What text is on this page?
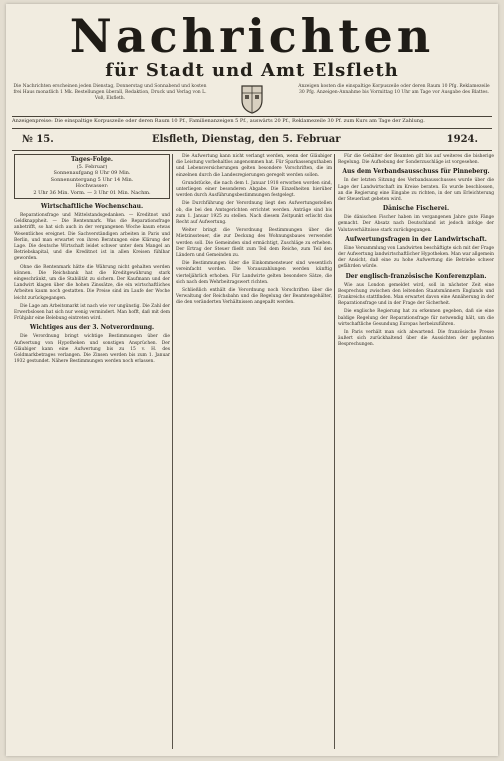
Nachrichten
für Stadt und Amt Elsfleth
Die Nachrichten erscheinen jeden Dienstag, Donnerstag und Sonnabend und kosten frei Haus monatlich 1 Mk. Bestellungen überall, Redaktion, Druck und Verlag von L. Voß, Elsfleth.
Anzeigen kosten die einspaltige Korpuszeile oder deren Raum 10 Pfg. Reklamezeile 30 Pfg. Anzeigen-Annahme bis Vormittag 10 Uhr am Tage vor Ausgabe des Blattes.
Anzeigenpreise: Die einspaltige Korpuszeile oder deren Raum 10 Pf., Familienanzeigen 5 Pf., auswärts 20 Pf., Reklamezeile 30 Pf. zum Kurs am Tage der Zahlung.
№ 15.	Elsfleth, Dienstag, den 5. Februar	1924.
Tages-Folge.
(5. Februar)
Sonnenaufgang 8 Uhr 09 Min.
Sonnenuntergang 5 Uhr 14 Min.
Hochwasser:
2 Uhr 36 Min. Vorm. — 3 Uhr 01 Min. Nachm.

Wirtschaftliche Wochenschau.

Reparationsfrage und Mittelstandsgedanken. — Kreditnot und Geldknappheit. — Die Rentenmark. Was die Reparationsfrage anbetrifft, so hat sich auch in der vergangenen Woche kaum etwas Wesentliches ereignet. Die Sachverständigen arbeiten in Paris und Berlin, und man erwartet von ihren Beratungen eine Klärung der Lage. Die deutsche Wirtschaft leidet schwer unter dem Mangel an Betriebskapital, und die Kreditnot ist in allen Kreisen fühlbar geworden.

Ohne die Rentenmark hätte die Währung nicht gehalten werden können. Die Reichsbank hat die Kreditgewährung stark eingeschränkt, um die Stabilität zu sichern. Der Kaufmann und der Landwirt klagen über die hohen Zinssätze, die ein wirtschaftliches Arbeiten kaum noch gestatten. Die Preise sind im Laufe der Woche leicht zurückgegangen.

Die Lage am Arbeitsmarkt ist nach wie vor ungünstig. Die Zahl der Erwerbslosen hat sich nur wenig vermindert. Man hofft, daß mit dem Frühjahr eine Belebung eintreten wird.

Wichtiges aus der 3. Notverordnung.

Die Verordnung bringt wichtige Bestimmungen über die Aufwertung von Hypotheken und sonstigen Ansprüchen. Der Gläubiger kann eine Aufwertung bis zu 15 v. H. des Goldmarkbetrages verlangen. Die Zinsen werden bis zum 1. Januar 1932 gestundet. Nähere Bestimmungen werden noch erlassen.

Die Aufwertung kann nicht verlangt werden, wenn der Gläubiger die Leistung vorbehaltlos angenommen hat. Für Sparkassenguthaben und Lebensversicherungen gelten besondere Vorschriften, die im einzelnen durch die Landesregierungen geregelt werden sollen.

Grundstücke, die nach dem 1. Januar 1918 erworben worden sind, unterliegen einer besonderen Abgabe. Die Einzelheiten hierüber werden durch Ausführungsbestimmungen festgelegt.

Die Durchführung der Verordnung liegt den Aufwertungsstellen ob, die bei den Amtsgerichten errichtet werden. Anträge sind bis zum 1. Januar 1925 zu stellen. Nach diesem Zeitpunkt erlischt das Recht auf Aufwertung.

Weiter bringt die Verordnung Bestimmungen über die Mietzinssteuer, die zur Deckung des Wohnungsbaues verwendet werden soll. Die Gemeinden sind ermächtigt, Zuschläge zu erheben. Der Ertrag der Steuer fließt zum Teil dem Reiche, zum Teil den Ländern und Gemeinden zu.

Die Bestimmungen über die Einkommensteuer sind wesentlich vereinfacht worden. Die Vorauszahlungen werden künftig vierteljährlich erhoben. Für Landwirte gelten besondere Sätze, die sich nach dem Wehrbeitragswert richten.

Schließlich enthält die Verordnung noch Vorschriften über die Verwaltung der Reichsbahn und die Regelung der Beamtengehälter, die den veränderten Verhältnissen angepaßt werden.

Für die Gehälter der Beamten gilt bis auf weiteres die bisherige Regelung. Die Aufhebung der Sonderzuschläge ist vorgesehen.

Aus dem Verbandsausschuss für Pinneberg.

In der letzten Sitzung des Verbandsausschusses wurde über die Lage der Landwirtschaft im Kreise beraten. Es wurde beschlossen, an die Regierung eine Eingabe zu richten, in der um Erleichterung der Steuerlast gebeten wird.

Dänische Fischerei.

Die dänischen Fischer haben im vergangenen Jahre gute Fänge gemacht. Der Absatz nach Deutschland ist jedoch infolge der Valutaverhältnisse stark zurückgegangen.

Aufwertungsfragen in der Landwirtschaft.

Eine Versammlung von Landwirten beschäftigte sich mit der Frage der Aufwertung landwirtschaftlicher Hypotheken. Man war allgemein der Ansicht, daß eine zu hohe Aufwertung die Betriebe schwer gefährden würde.

Der englisch-französische Konferenzplan.

Wie aus London gemeldet wird, soll in nächster Zeit eine Besprechung zwischen den leitenden Staatsmännern Englands und Frankreichs stattfinden. Man erwartet davon eine Annäherung in der Reparationsfrage und in der Frage der Sicherheit.

Die englische Regierung hat zu erkennen gegeben, daß sie eine baldige Regelung der Reparationsfrage für notwendig hält, um die wirtschaftliche Gesundung Europas herbeizuführen.

In Paris verhält man sich abwartend. Die französische Presse äußert sich zurückhaltend über die Aussichten der geplanten Besprechungen.
